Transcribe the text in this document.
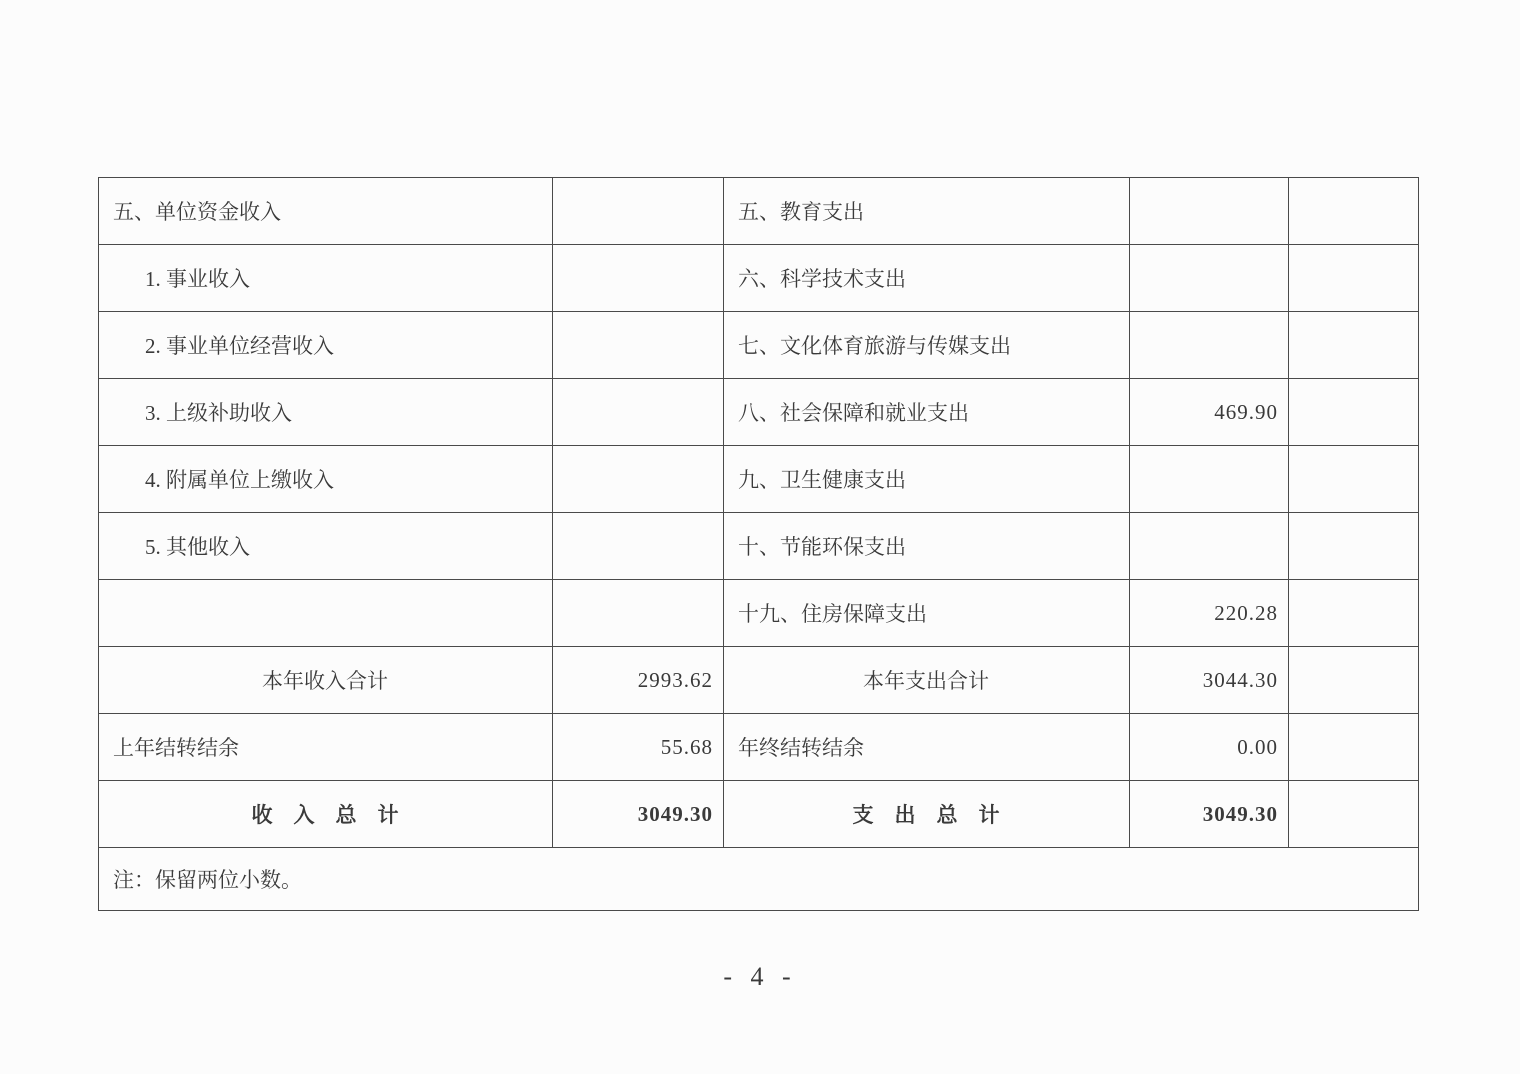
五、单位资金收入		五、教育支出		
1. 事业收入		六、科学技术支出		
2. 事业单位经营收入		七、文化体育旅游与传媒支出		
3. 上级补助收入		八、社会保障和就业支出	469.90	
4. 附属单位上缴收入		九、卫生健康支出		
5. 其他收入		十、节能环保支出		
		十九、住房保障支出	220.28	
本年收入合计	2993.62	本年支出合计	3044.30	
上年结转结余	55.68	年终结转结余	0.00	
收　入　总　计	3049.30	支　出　总　计	3049.30	
注：保留两位小数。				
- 4 -
